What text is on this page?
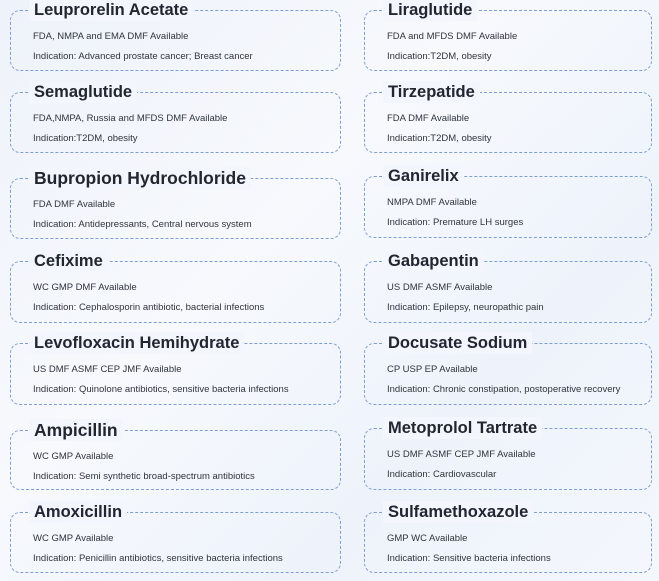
Leuprorelin Acetate
FDA, NMPA and EMA DMF Available
Indication: Advanced prostate cancer; Breast cancer
Liraglutide
FDA and MFDS DMF Available
Indication:T2DM, obesity
Semaglutide
FDA,NMPA, Russia and MFDS DMF Available
Indication:T2DM, obesity
Tirzepatide
FDA DMF Available
Indication:T2DM, obesity
Bupropion Hydrochloride
FDA DMF Available
Indication: Antidepressants, Central nervous system
Ganirelix
NMPA DMF Available
Indication: Premature LH surges
Cefixime
WC GMP DMF Available
Indication: Cephalosporin antibiotic, bacterial infections
Gabapentin
US DMF ASMF Available
Indication: Epilepsy, neuropathic pain
Levofloxacin Hemihydrate
US DMF ASMF CEP JMF Available
Indication: Quinolone antibiotics, sensitive bacteria infections
Docusate Sodium
CP USP EP Available
Indication: Chronic constipation, postoperative recovery
Ampicillin
WC GMP Available
Indication: Semi synthetic broad-spectrum antibiotics
Metoprolol Tartrate
US DMF ASMF CEP JMF Available
Indication: Cardiovascular
Amoxicillin
WC GMP Available
Indication: Penicillin antibiotics, sensitive bacteria infections
Sulfamethoxazole
GMP WC Available
Indication: Sensitive bacteria infections
